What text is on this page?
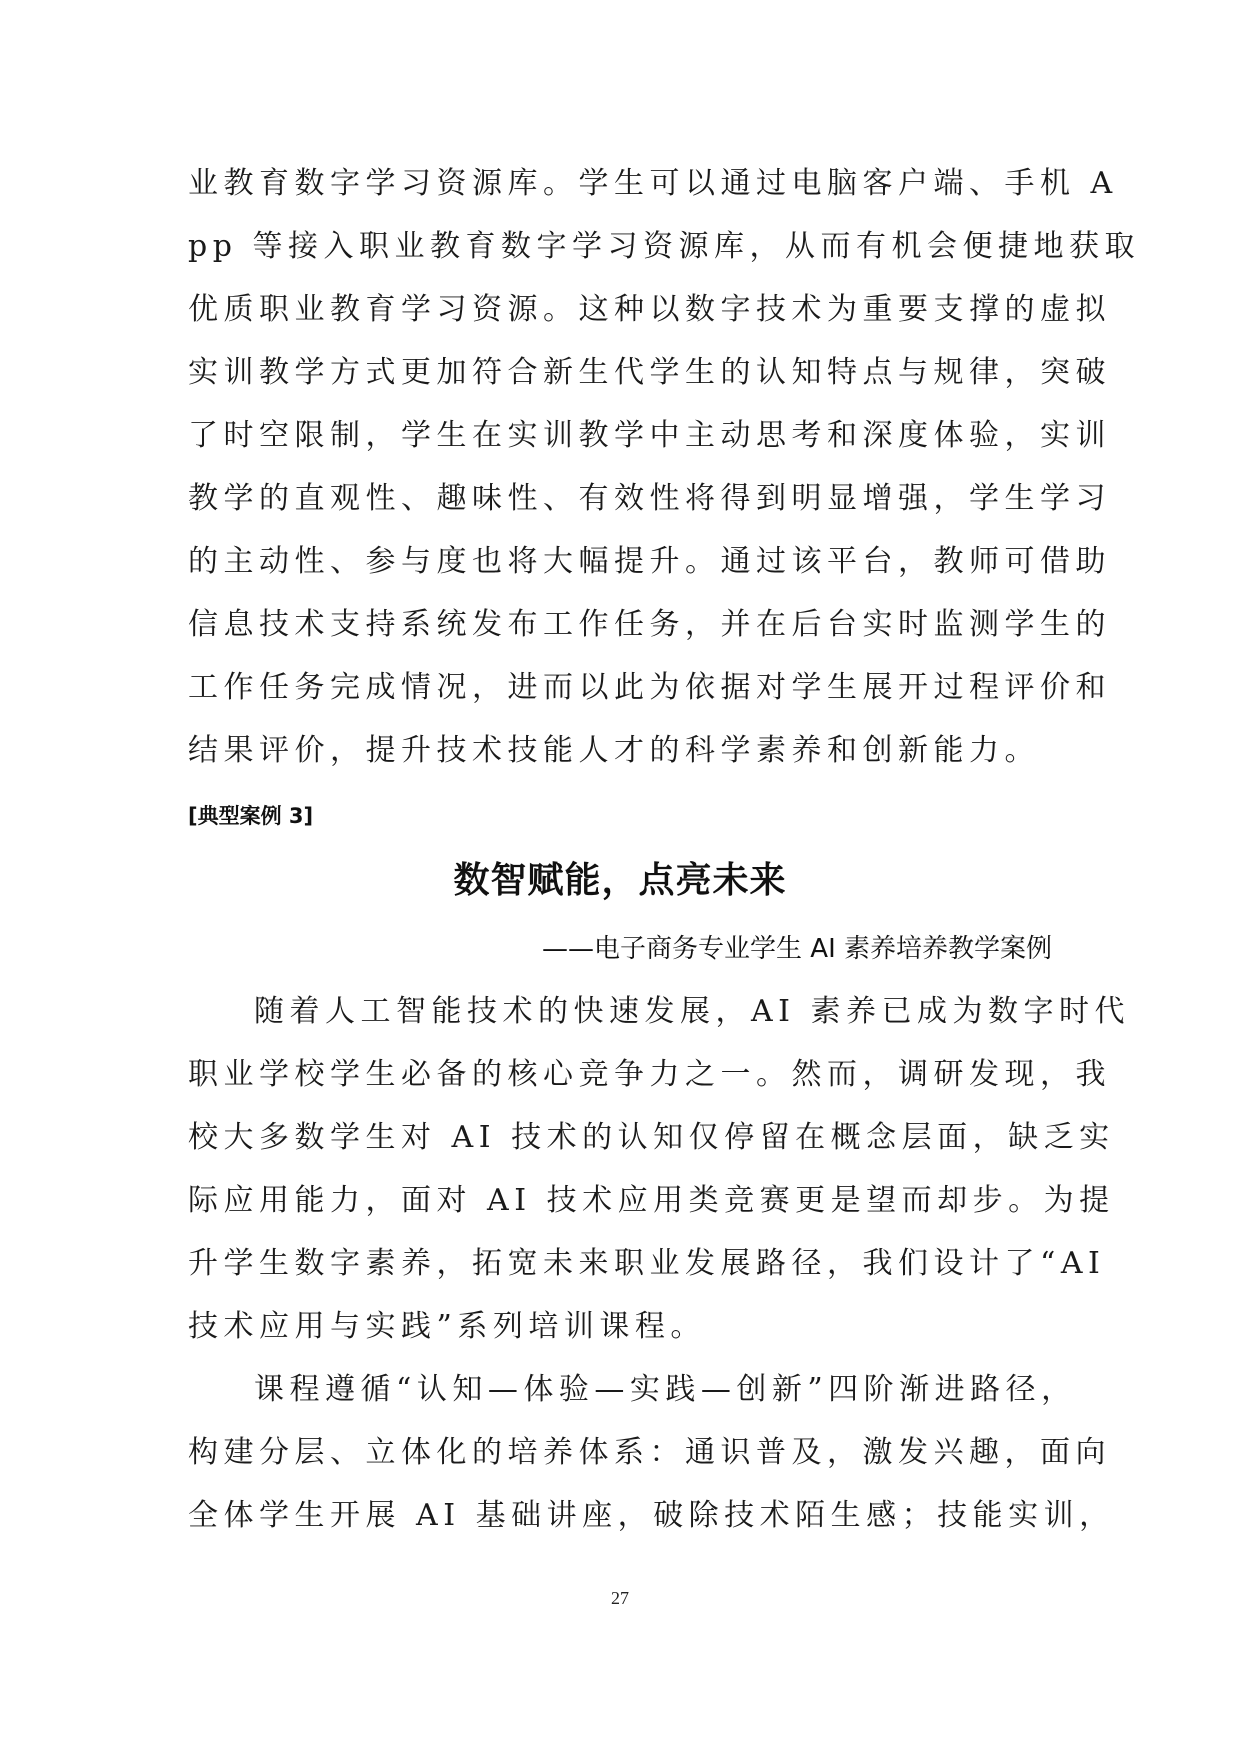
业教育数字学习资源库。学生可以通过电脑客户端、手机 A
pp 等接入职业教育数字学习资源库，从而有机会便捷地获取
优质职业教育学习资源。这种以数字技术为重要支撑的虚拟
实训教学方式更加符合新生代学生的认知特点与规律，突破
了时空限制，学生在实训教学中主动思考和深度体验，实训
教学的直观性、趣味性、有效性将得到明显增强，学生学习
的主动性、参与度也将大幅提升。通过该平台，教师可借助
信息技术支持系统发布工作任务，并在后台实时监测学生的
工作任务完成情况，进而以此为依据对学生展开过程评价和
结果评价，提升技术技能人才的科学素养和创新能力。
[典型案例 3]
数智赋能，点亮未来
——电子商务专业学生 AI 素养培养教学案例
随着人工智能技术的快速发展，AI 素养已成为数字时代
职业学校学生必备的核心竞争力之一。然而，调研发现，我
校大多数学生对 AI 技术的认知仅停留在概念层面，缺乏实
际应用能力，面对 AI 技术应用类竞赛更是望而却步。为提
升学生数字素养，拓宽未来职业发展路径，我们设计了“AI
技术应用与实践”系列培训课程。
课程遵循“认知—体验—实践—创新”四阶渐进路径，
构建分层、立体化的培养体系：通识普及，激发兴趣，面向
全体学生开展 AI 基础讲座，破除技术陌生感；技能实训，
27
